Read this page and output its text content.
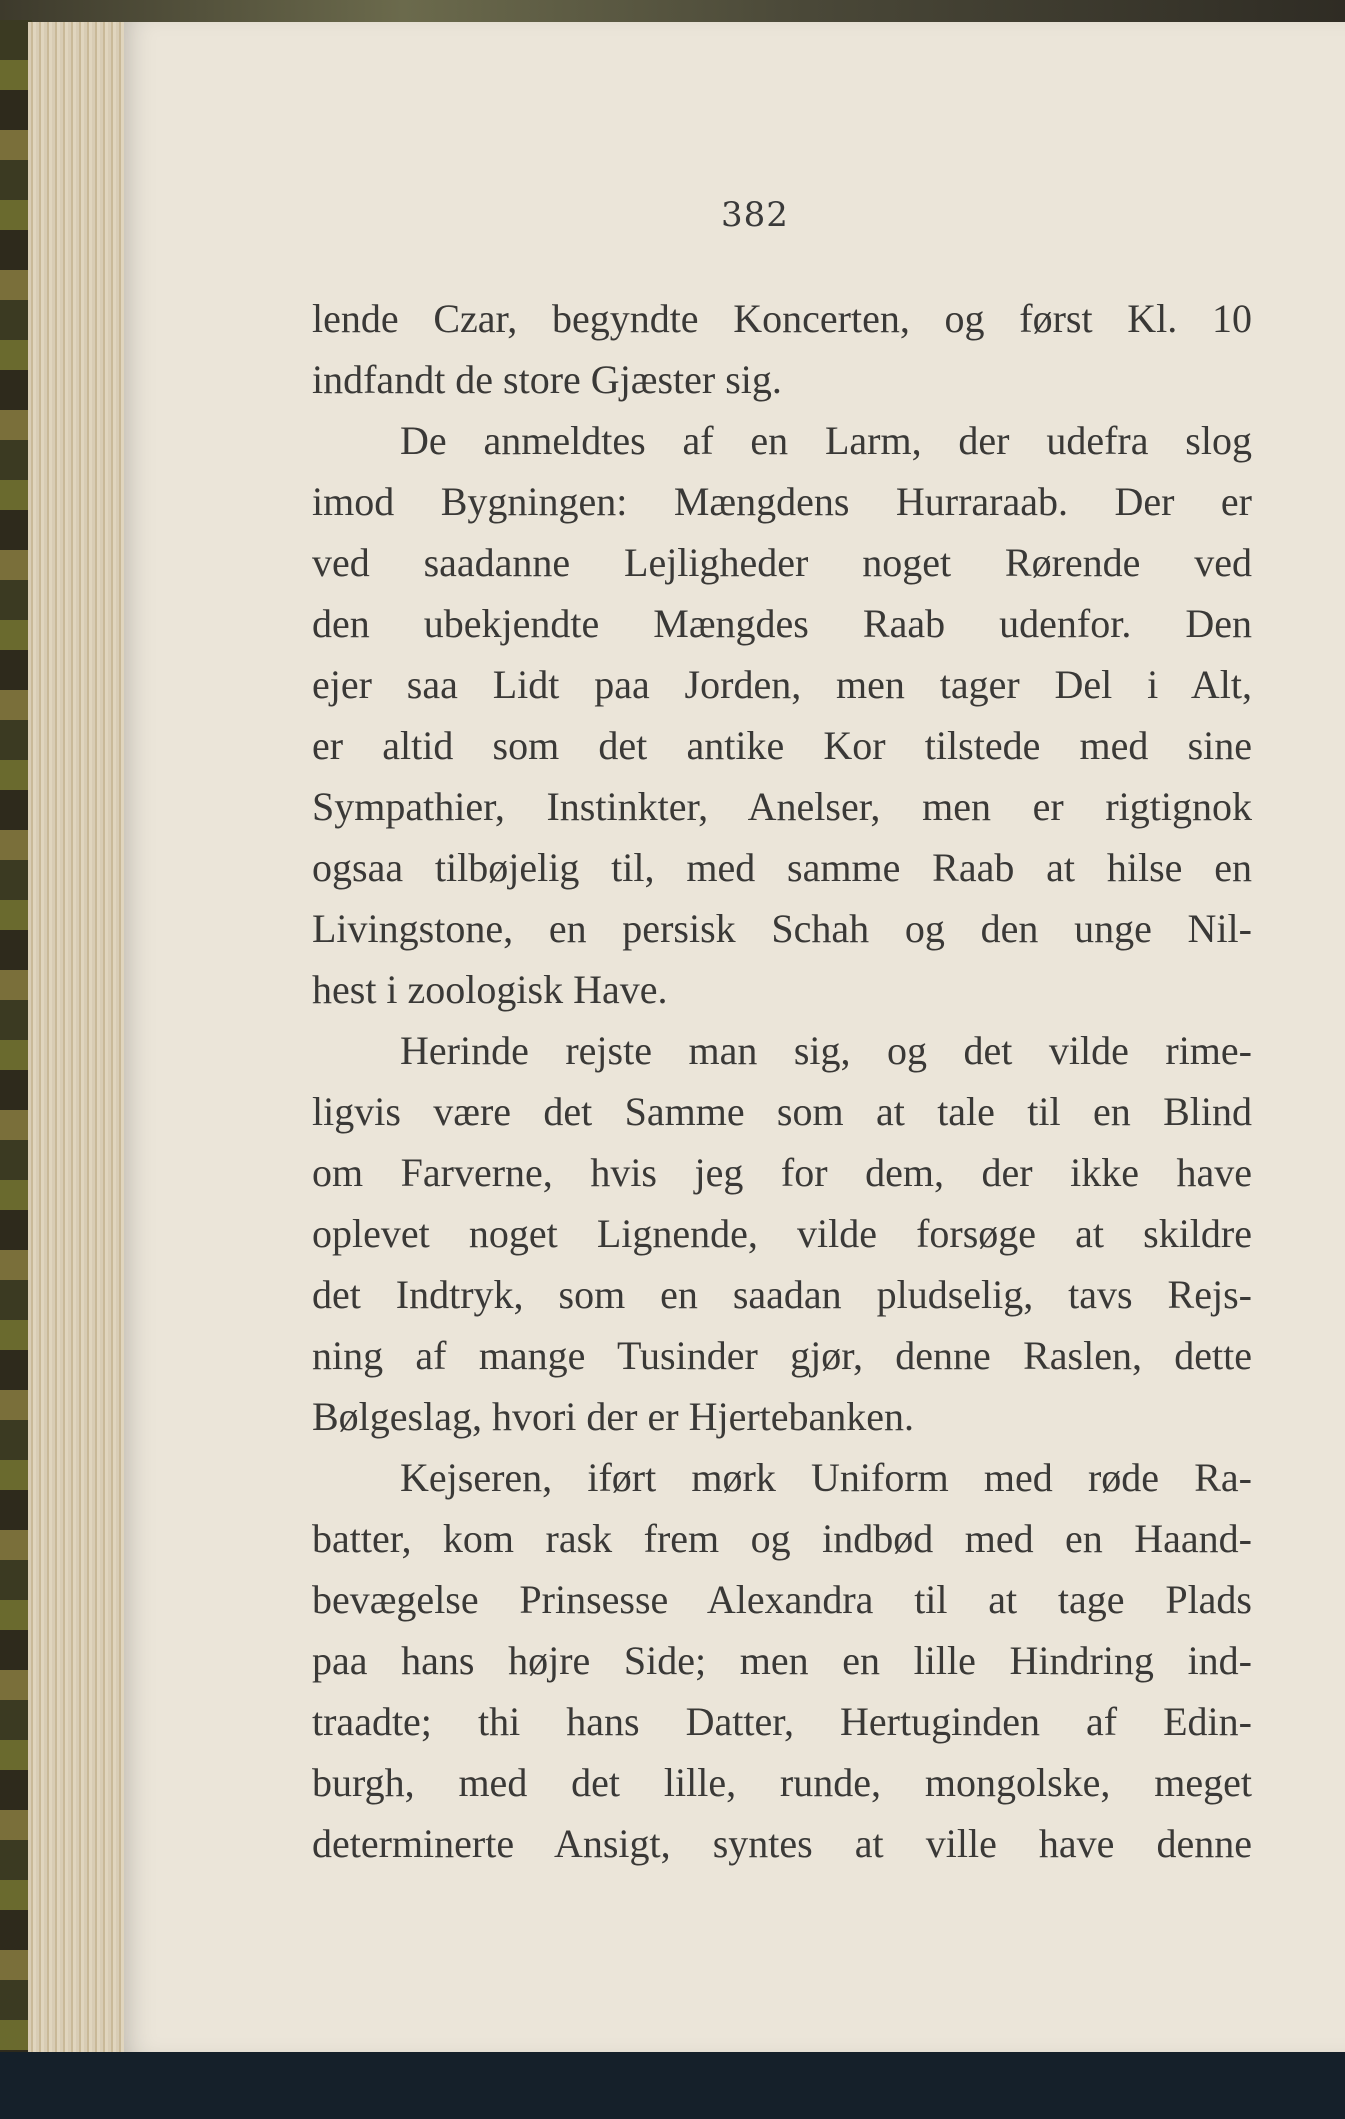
382
lende Czar, begyndte Koncerten, og først Kl. 10
indfandt de store Gjæster sig.
De anmeldtes af en Larm, der udefra slog
imod Bygningen: Mængdens Hurraraab. Der er
ved saadanne Lejligheder noget Rørende ved
den ubekjendte Mængdes Raab udenfor. Den
ejer saa Lidt paa Jorden, men tager Del i Alt,
er altid som det antike Kor tilstede med sine
Sympathier, Instinkter, Anelser, men er rigtignok
ogsaa tilbøjelig til, med samme Raab at hilse en
Livingstone, en persisk Schah og den unge Nil-
hest i zoologisk Have.
Herinde rejste man sig, og det vilde rime-
ligvis være det Samme som at tale til en Blind
om Farverne, hvis jeg for dem, der ikke have
oplevet noget Lignende, vilde forsøge at skildre
det Indtryk, som en saadan pludselig, tavs Rejs-
ning af mange Tusinder gjør, denne Raslen, dette
Bølgeslag, hvori der er Hjertebanken.
Kejseren, iført mørk Uniform med røde Ra-
batter, kom rask frem og indbød med en Haand-
bevægelse Prinsesse Alexandra til at tage Plads
paa hans højre Side; men en lille Hindring ind-
traadte; thi hans Datter, Hertuginden af Edin-
burgh, med det lille, runde, mongolske, meget
determinerte Ansigt, syntes at ville have denne
